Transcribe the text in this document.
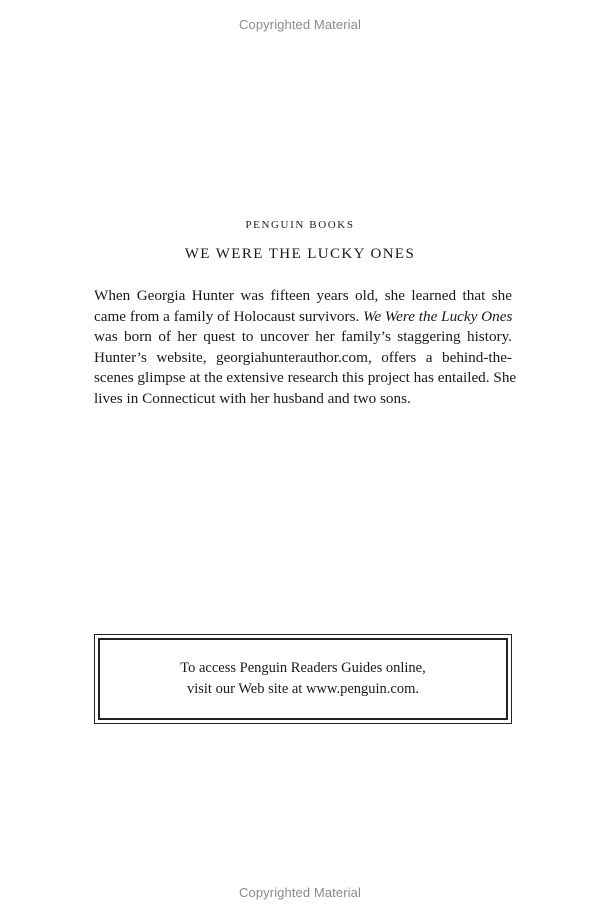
Copyrighted Material
PENGUIN BOOKS
WE WERE THE LUCKY ONES

When Georgia Hunter was fifteen years old, she learned that she
came from a family of Holocaust survivors. We Were the Lucky Ones
was born of her quest to uncover her family’s staggering history.
Hunter’s website, georgiahunterauthor.com, offers a behind-the-
scenes glimpse at the extensive research this project has entailed. She
lives in Connecticut with her husband and two sons.

To access Penguin Readers Guides online,
visit our Web site at www.penguin.com.
Copyrighted Material
